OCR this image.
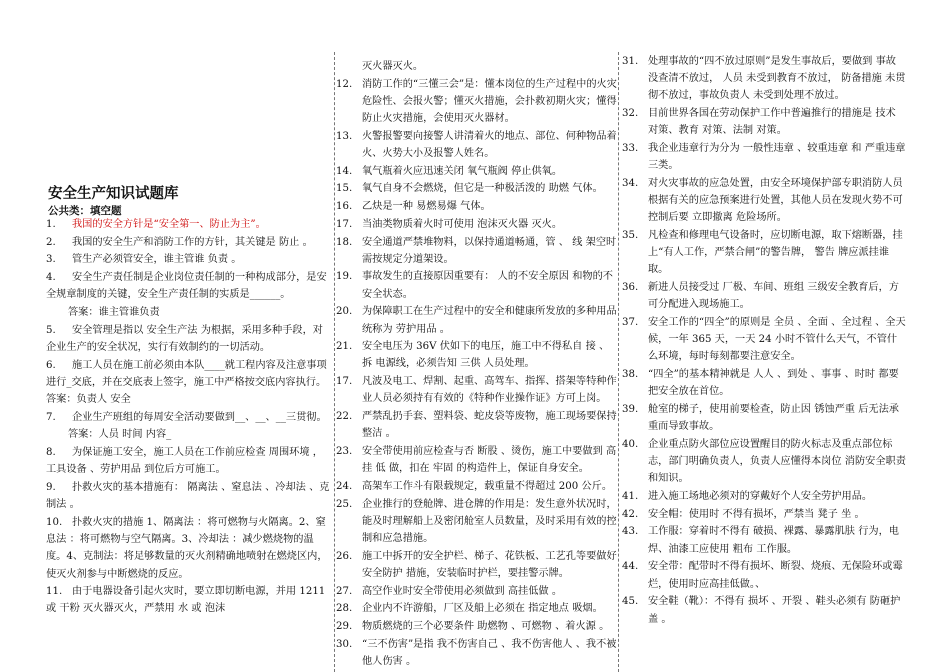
安全生产知识试题库
公共类：填空题
1. 我国的安全方针是“安全第一、防止为主”。
2. 我国的安全生产和消防工作的方针，其关键是 防止 。
3. 管生产必须管安全，谁主管谁 负责 。
4. 安全生产责任制是企业岗位责任制的一种构成部分，是安全规章制度的关键，安全生产责任制的实质是______。
答案：谁主管谁负责
5. 安全管理是指以 安全生产法 为根据，采用多种手段，对企业生产的安全状况，实行有效制约的一切活动。
6. 施工人员在施工前必须由本队____就工程内容及注意事项进行_交底，并在交底表上签字，施工中严格按交底内容执行。 答案：负责人 安全
7. 企业生产班组的每周安全活动要做到__、__、__三贯彻。
答案：人员 时间 内容_
8. 为保证施工安全，施工人员在工作前应检查 周围环境 ，工具设备 、劳护用品 到位后方可施工。
9. 扑救火灾的基本措施有： 隔离法 、窒息法 、冷却法 、克制法 。
10. 扑救火灾的措施 1、隔离法 ：将可燃物与火隔离。2、窒息法 ：将可燃物与空气隔离。3、冷却法 ：减少燃烧物的温度。4、克制法：将足够数量的灭火剂精确地喷射在燃烧区内，使灭火剂参与中断燃烧的反应。
11. 由于电器设备引起火灾时，要立即切断电源，并用 1211 或 干粉 灭火器灭火，严禁用 水 或 泡沫
灭火器灭火。
12. 消防工作的“三懂三会”是：懂本岗位的生产过程中的火灾危险性、会报火警；懂灭火措施，会扑救初期火灾；懂得防止火灾措施，会使用灭火器材。
13. 火警报警要向接警人讲清着火的地点、部位、何种物品着火、火势大小及报警人姓名。
14. 氧气瓶着火应迅速关闭 氧气瓶阀 停止供氧。
15. 氧气自身不会燃烧，但它是一种极活泼的 助燃 气体。
16. 乙炔是一种 易燃易爆 气体。
17. 当油类物质着火时可使用 泡沫灭火器 灭火。
18. 安全通道严禁堆物料，以保持通道畅通，管 、 线 架空时需按规定分道架设。
19. 事故发生的直接原因重要有： 人的不安全原因 和物的不安全状态。
20. 为保障职工在生产过程中的安全和健康所发放的多种用品统称为 劳护用品 。
21. 安全电压为 36V 伏如下的电压，施工中不得私自 接 、拆 电源线，必须告知 三供 人员处理。
17. 凡波及电工、焊割、起重、高驾车、指挥、搭架等特种作业人员必须持有有效的《特种作业操作证》方可上岗。
22. 严禁乱扔手套、塑料袋、蛇皮袋等废物，施工现场要保持 整洁 。
23. 安全带使用前应检查与否 断股 、烫伤，施工中要做到 高 挂 低 做，扣在 牢固 的构造件上，保证自身安全。
24. 高架车工作斗有限载规定，载重量不得超过 200 公斤。
25. 企业推行的登舱牌、进仓牌的作用是：发生意外状况时，能及时理解船上及密闭舱室人员数量，及时采用有效的控制和应急措施。
26. 施工中拆开的安全护栏、梯子、花铁板、工艺孔等要做好 安全防护 措施，安装临时护栏，要挂警示牌。
27. 高空作业时安全带使用必须做到 高挂低做 。
28. 企业内不许游船，厂区及船上必须在 指定地点 吸烟。
29. 物质燃烧的三个必要条件 助燃物 、可燃物 、着火源 。
30. “三不伤害”是指 我不伤害自己 、我不伤害他人 、我不被他人伤害 。
31. 处理事故的“四不放过原则”是发生事故后，要做到 事故 没查清不放过， 人员 未受到教育不放过， 防备措施 未贯彻不放过，事故负责人 未受到处理不放过。
32. 目前世界各国在劳动保护工作中普遍推行的措施是 技术 对策、教育 对策、法制 对策。
33. 我企业违章行为分为 一般性违章 、较重违章 和 严重违章 三类。
34. 对火灾事故的应急处置，由安全环境保护部专职消防人员根据有关的应急预案进行处置，其他人员在发现火势不可控制后要 立即撤离 危险场所。
35. 凡检查和修理电气设备时，应切断电源，取下熔断器，挂上“有人工作，严禁合闸”的警告牌， 警告 牌应派挂谁取。
36. 新进人员接受过 厂极、车间、班组 三级安全教育后，方可分配进入现场施工。
37. 安全工作的“四全”的原则是 全员 、全面 、全过程 、全天候，一年 365 天，一天 24 小时不管什么天气，不管什么环境，每时每刻都要注意安全。
38. “四全”的基本精神就是 人人 、到处 、事事 、时时 都要把安全放在首位。
39. 舱室的梯子，使用前要检查，防止因 锈蚀严重 后无法承重而导致事故。
40. 企业重点防火部位应设置醒目的防火标志及重点部位标志，部门明确负责人，负责人应懂得本岗位 消防安全职责 和知识。
41. 进入施工场地必须对的穿戴好个人安全劳护用品。
42. 安全帽：使用时 不得有损坏，严禁当 凳子 坐 。
43. 工作服：穿着时不得有 破损、裸露、暴露肌肤 行为，电焊、油漆工应使用 粗布 工作服。
44. 安全带：配带时不得有损坏、断裂、烧痕、无保险环或霉烂，使用时应高挂低做。、
45. 安全鞋（靴）：不得有 损坏 、开裂 、鞋头必须有 防砸护盖 。
